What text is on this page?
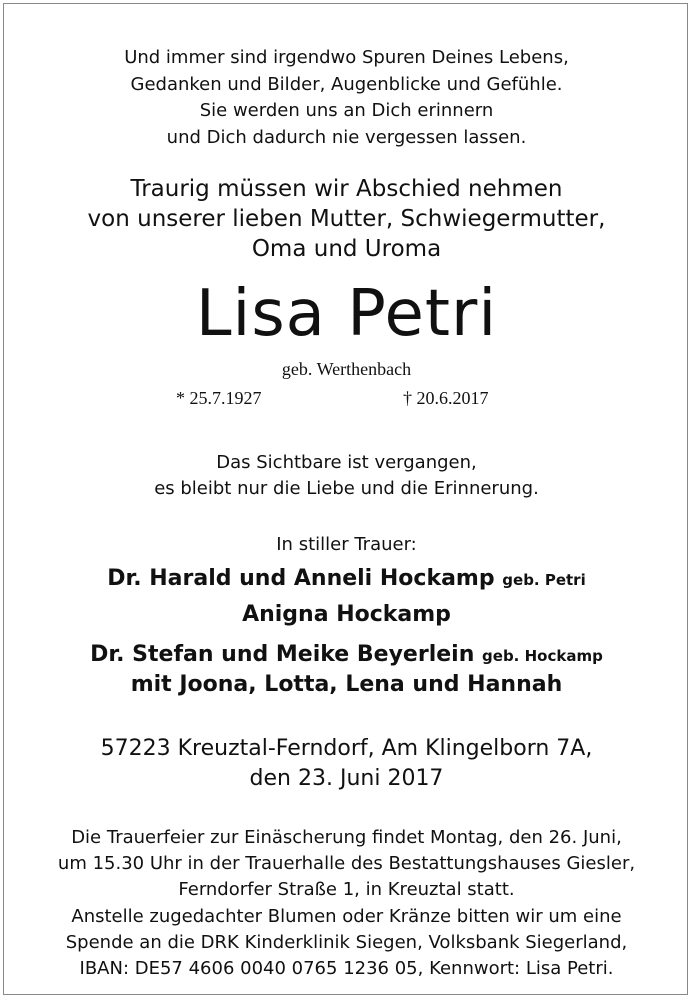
Und immer sind irgendwo Spuren Deines Lebens,
Gedanken und Bilder, Augenblicke und Gefühle.
Sie werden uns an Dich erinnern
und Dich dadurch nie vergessen lassen.
Traurig müssen wir Abschied nehmen
von unserer lieben Mutter, Schwiegermutter,
Oma und Uroma
Lisa Petri
geb. Werthenbach
* 25.7.1927	† 20.6.2017
Das Sichtbare ist vergangen,
es bleibt nur die Liebe und die Erinnerung.
In stiller Trauer:
Dr. Harald und Anneli Hockamp geb. Petri
Anigna Hockamp
Dr. Stefan und Meike Beyerlein geb. Hockamp
mit Joona, Lotta, Lena und Hannah
57223 Kreuztal-Ferndorf, Am Klingelborn 7A,
den 23. Juni 2017
Die Trauerfeier zur Einäscherung findet Montag, den 26. Juni,
um 15.30 Uhr in der Trauerhalle des Bestattungshauses Giesler,
Ferndorfer Straße 1, in Kreuztal statt.
Anstelle zugedachter Blumen oder Kränze bitten wir um eine
Spende an die DRK Kinderklinik Siegen, Volksbank Siegerland,
IBAN: DE57 4606 0040 0765 1236 05, Kennwort: Lisa Petri.
